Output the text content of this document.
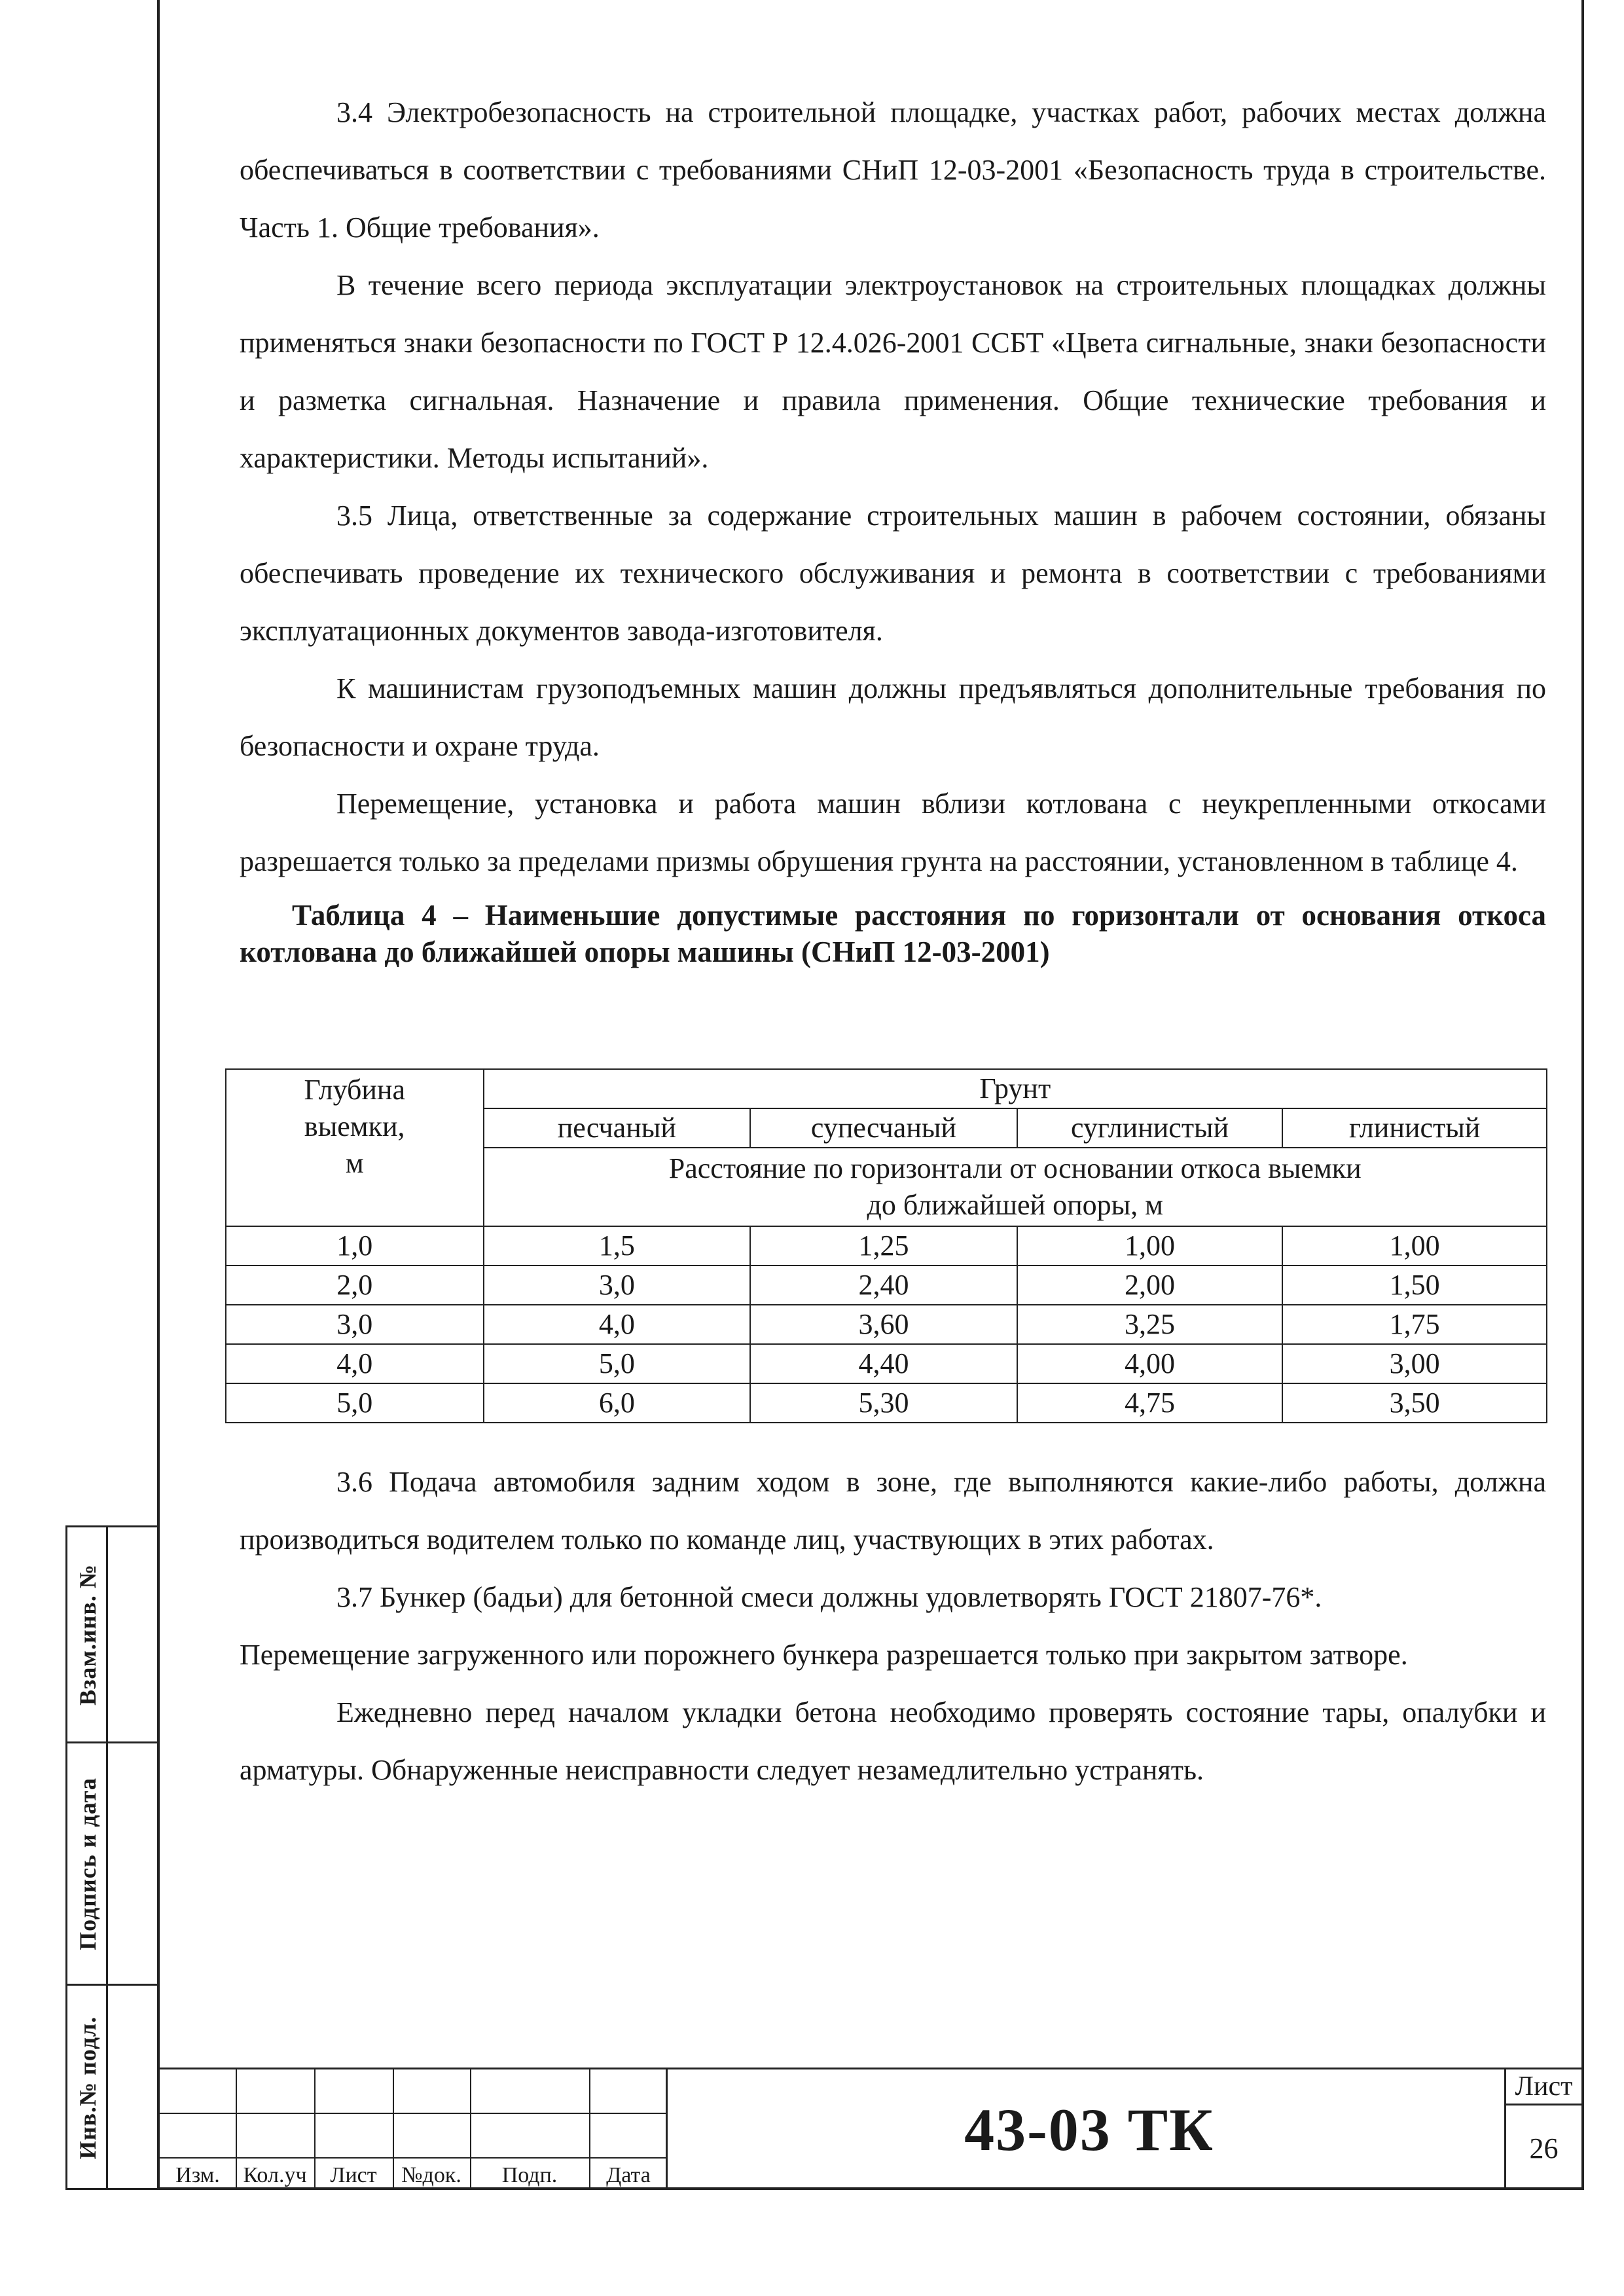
3.4 Электробезопасность на строительной площадке, участках работ, рабочих местах должна обеспечиваться в соответствии с требованиями СНиП 12-03-2001 «Безопасность труда в строительстве. Часть 1. Общие требования».

В течение всего периода эксплуатации электроустановок на строительных площадках должны применяться знаки безопасности по ГОСТ Р 12.4.026-2001 ССБТ «Цвета сигнальные, знаки безопасности и разметка сигнальная. Назначение и правила применения. Общие технические требования и характеристики. Методы испытаний».

3.5 Лица, ответственные за содержание строительных машин в рабочем состоянии, обязаны обеспечивать проведение их технического обслуживания и ремонта в соответствии с требованиями эксплуатационных документов завода-изготовителя.

К машинистам грузоподъемных машин должны предъявляться дополнительные требования по безопасности и охране труда.

Перемещение, установка и работа машин вблизи котлована с неукрепленными откосами разрешается только за пределами призмы обрушения грунта на расстоянии, установленном в таблице 4.

Таблица 4 – Наименьшие допустимые расстояния по горизонтали от основания откоса котлована до ближайшей опоры машины (СНиП 12-03-2001)

Глубина
выемки,
м	Грунт			
	песчаный	супесчаный	суглинистый	глинистый

	Расстояние по горизонтали от основании откоса выемки
до ближайшей опоры, м			

1,0	1,5	1,25	1,00	1,00
2,0	3,0	2,40	2,00	1,50
3,0	4,0	3,60	3,25	1,75
4,0	5,0	4,40	4,00	3,00
5,0	6,0	5,30	4,75	3,50

3.6 Подача автомобиля задним ходом в зоне, где выполняются какие-либо работы, должна производиться водителем только по команде лиц, участвующих в этих работах.

3.7 Бункер (бадьи) для бетонной смеси должны удовлетворять ГОСТ 21807-76*.

Перемещение загруженного или порожнего бункера разрешается только при закрытом затворе.

Ежедневно перед началом укладки бетона необходимо проверять состояние тары, опалубки и арматуры. Обнаруженные неисправности следует незамедлительно устранять.

Взам.инв. №
Подпись и дата
Инв.№ подл.
Изм.	Кол.уч	Лист	№док.	Подп.	Дата
43-03 ТК
Лист
26
